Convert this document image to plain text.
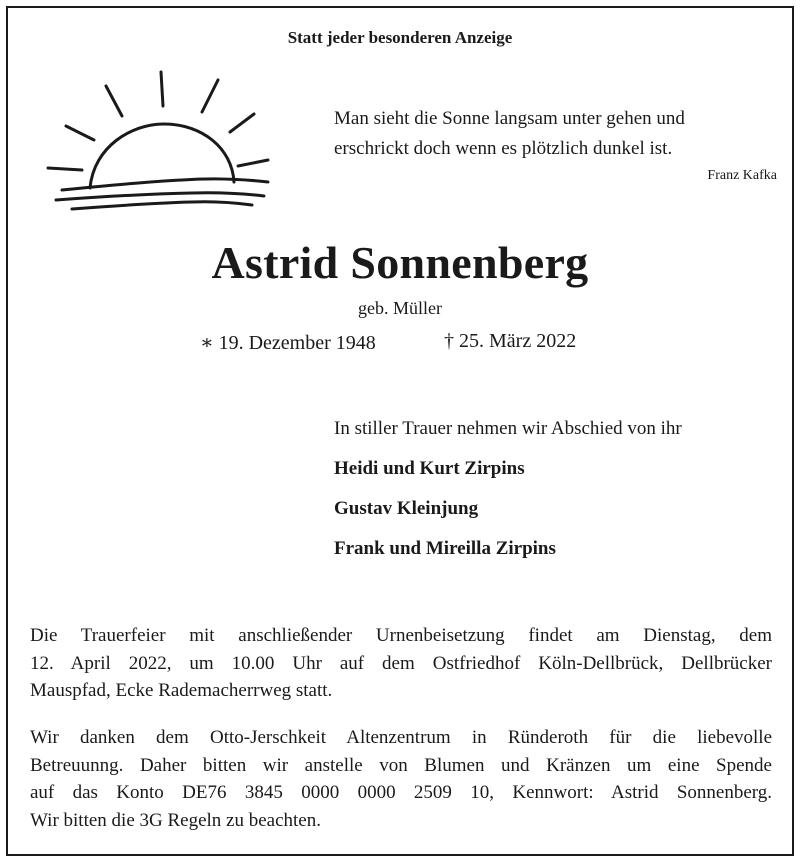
Statt jeder besonderen Anzeige
Man sieht die Sonne langsam unter gehen und
erschrickt doch wenn es plötzlich dunkel ist.
Franz Kafka
Astrid Sonnenberg
geb. Müller
∗ 19. Dezember 1948	† 25. März 2022
In stiller Trauer nehmen wir Abschied von ihr
Heidi und Kurt Zirpins
Gustav Kleinjung
Frank und Mireilla Zirpins
Die Trauerfeier mit anschließender Urnenbeisetzung findet am Dienstag, dem
12. April 2022, um 10.00 Uhr auf dem Ostfriedhof Köln-Dellbrück, Dellbrücker
Mauspfad, Ecke Rademacherrweg statt.
Wir danken dem Otto-Jerschkeit Altenzentrum in Ründeroth für die liebevolle
Betreuunng. Daher bitten wir anstelle von Blumen und Kränzen um eine Spende
auf das Konto DE76 3845 0000 0000 2509 10, Kennwort: Astrid Sonnenberg.
Wir bitten die 3G Regeln zu beachten.
